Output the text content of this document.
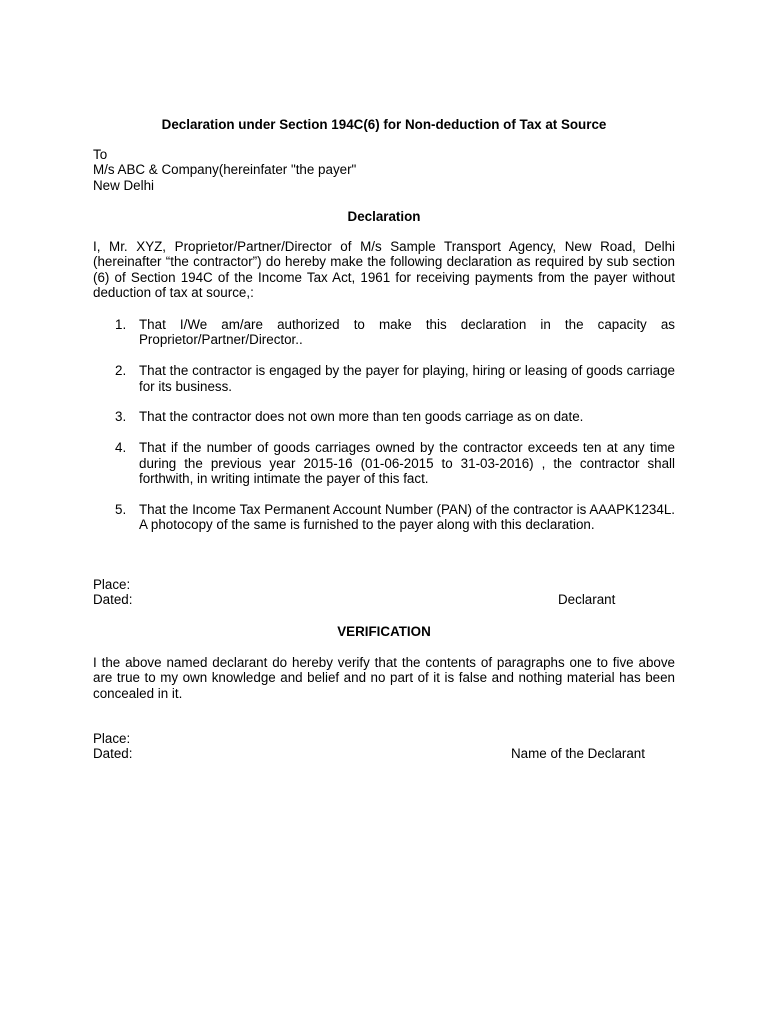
Declaration under Section 194C(6) for Non-deduction of Tax at Source
To
M/s ABC & Company(hereinfater "the payer"
New Delhi
Declaration
I, Mr. XYZ, Proprietor/Partner/Director of M/s Sample Transport Agency, New Road, Delhi (hereinafter “the contractor”) do hereby make the following declaration as required by sub section (6) of Section 194C of the Income Tax Act, 1961 for receiving payments from the payer without deduction of tax at source,:
1. That I/We am/are authorized to make this declaration in the capacity as Proprietor/Partner/Director..
2. That the contractor is engaged by the payer for playing, hiring or leasing of goods carriage for its business.
3. That the contractor does not own more than ten goods carriage as on date.
4. That if the number of goods carriages owned by the contractor exceeds ten at any time during the previous year 2015-16 (01-06-2015 to 31-03-2016) , the contractor shall forthwith, in writing intimate the payer of this fact.
5. That the Income Tax Permanent Account Number (PAN) of the contractor is AAAPK1234L. A photocopy of the same is furnished to the payer along with this declaration.
Place:
Dated:	Declarant
VERIFICATION
I the above named declarant do hereby verify that the contents of paragraphs one to five above are true to my own knowledge and belief and no part of it is false and nothing material has been concealed in it.
Place:
Dated:	Name of the Declarant
